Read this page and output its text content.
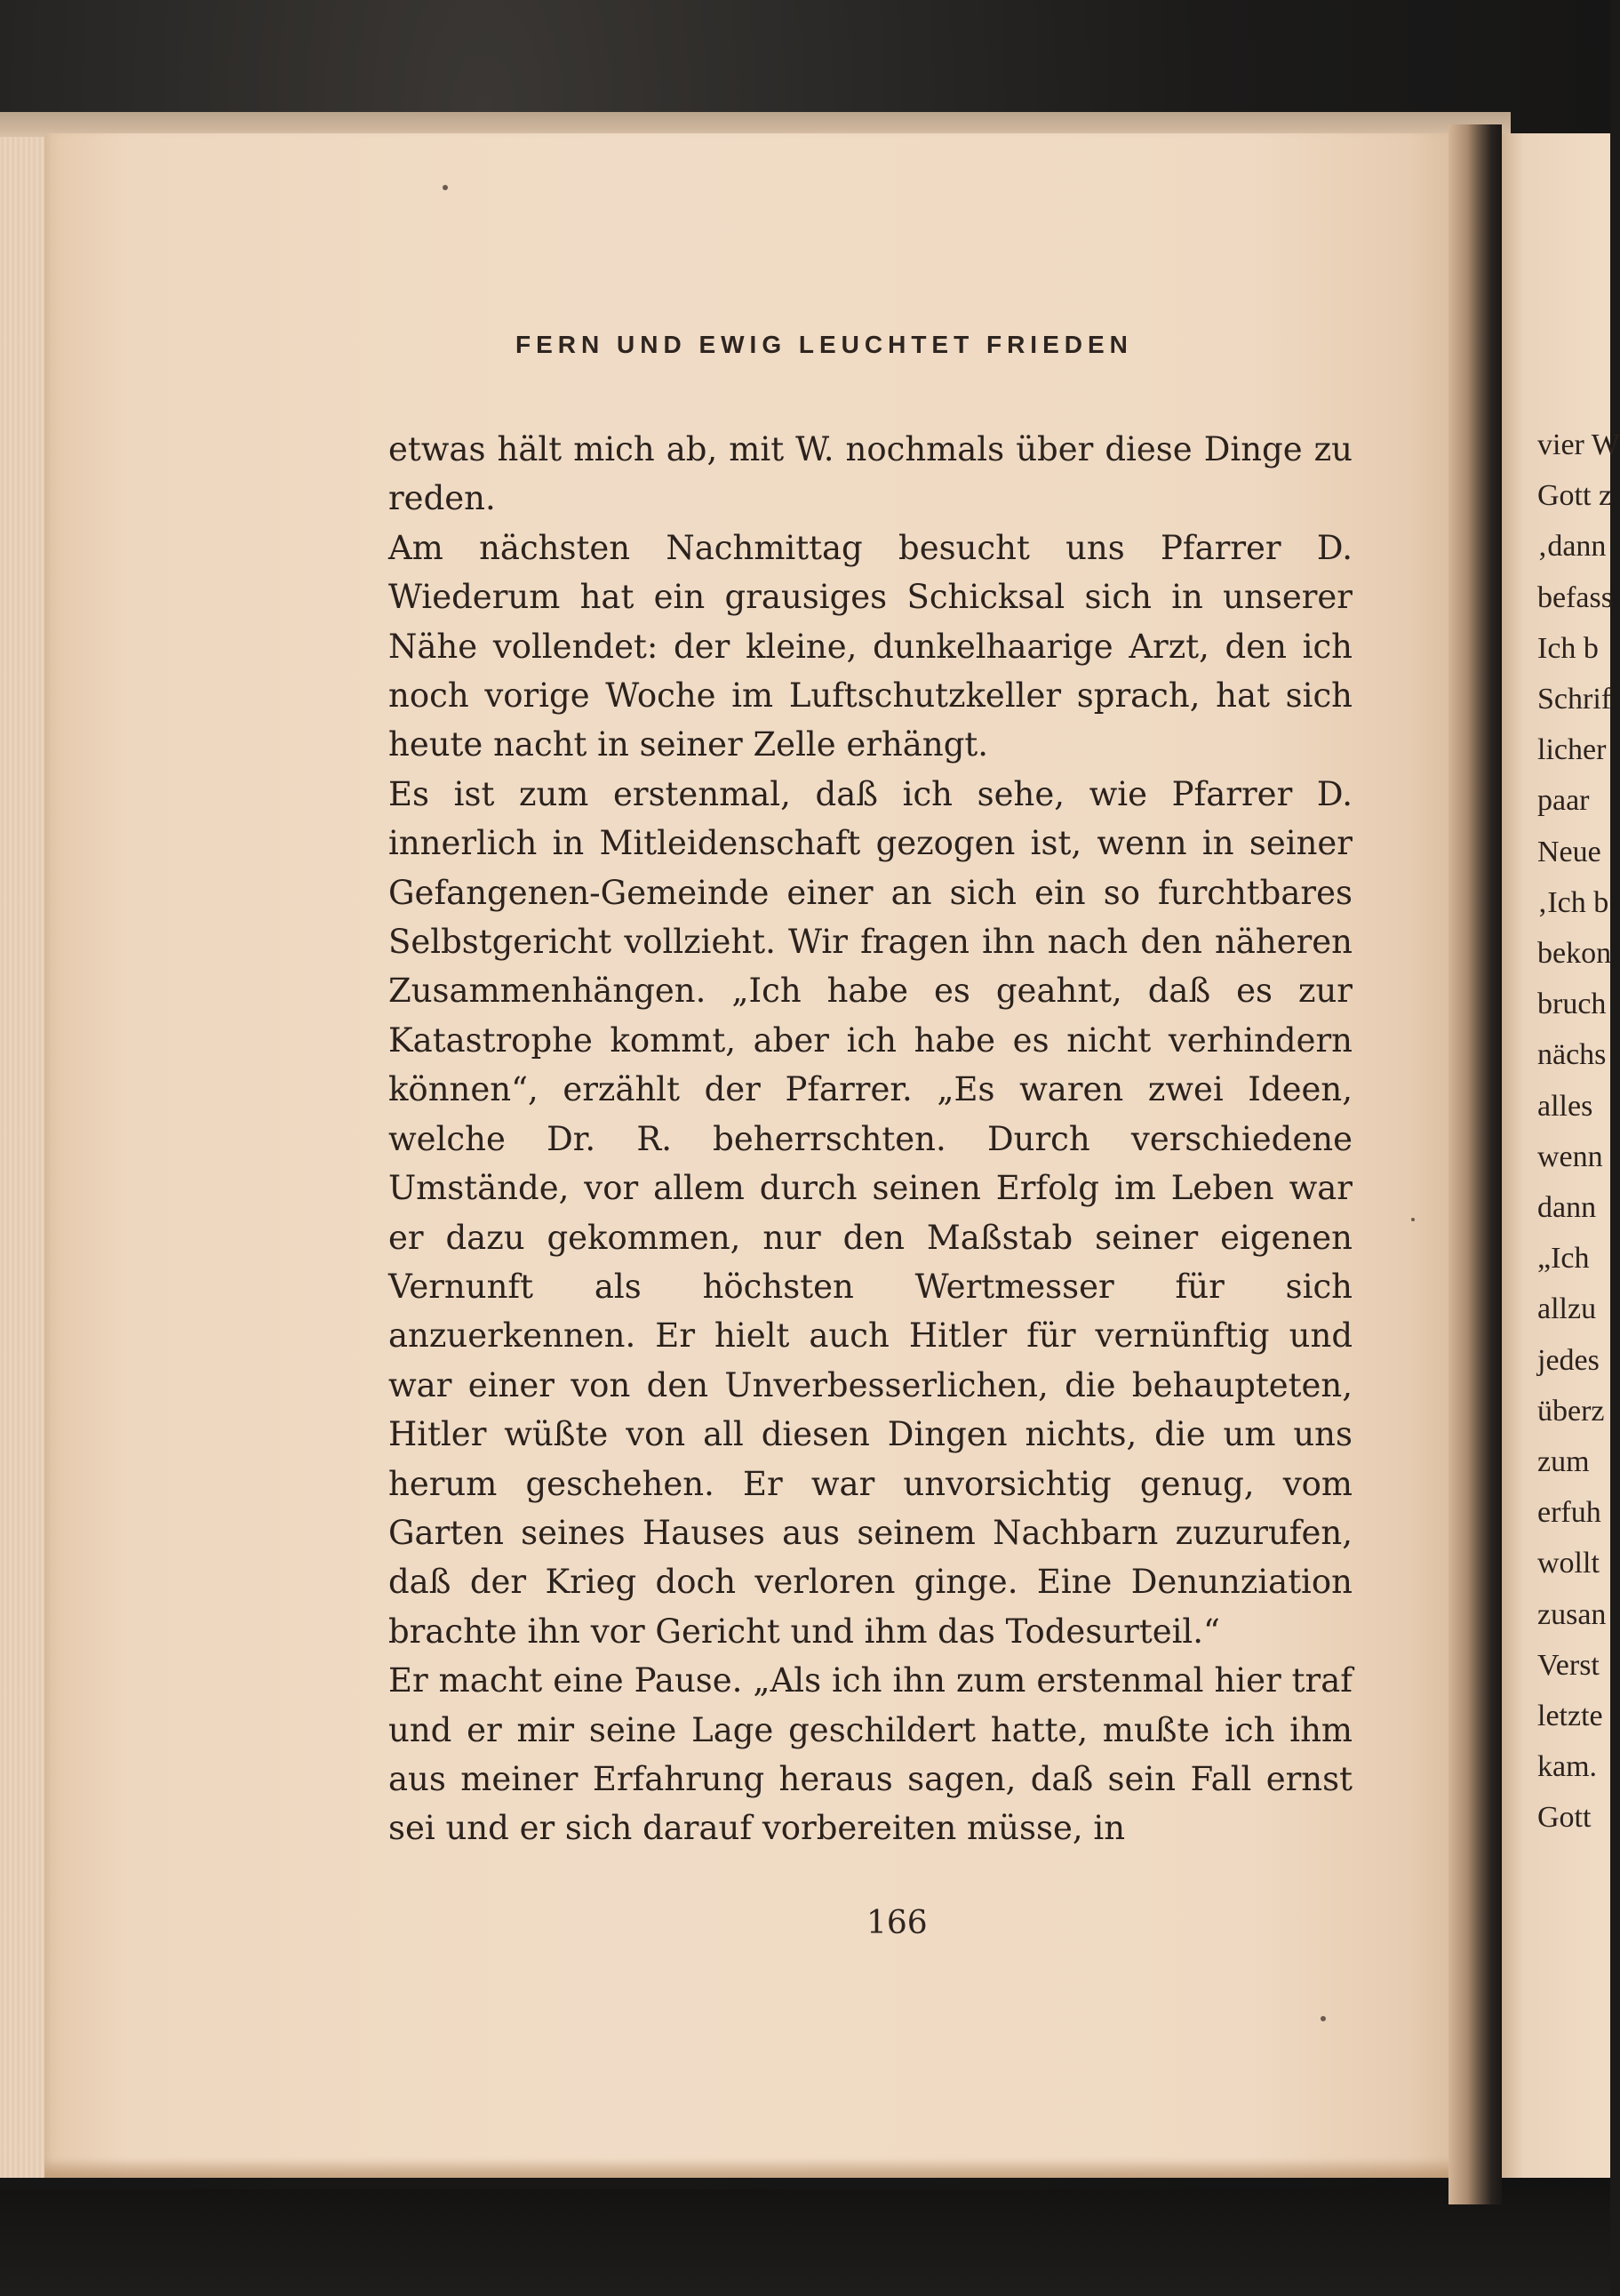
FERN UND EWIG LEUCHTET FRIEDEN

etwas hält mich ab, mit W. nochmals über diese Dinge zu reden.

Am nächsten Nachmittag besucht uns Pfarrer D. Wiederum hat ein grausiges Schicksal sich in unserer Nähe vollendet: der kleine, dunkelhaarige Arzt, den ich noch vorige Woche im Luftschutzkeller sprach, hat sich heute nacht in seiner Zelle erhängt.

Es ist zum erstenmal, daß ich sehe, wie Pfarrer D. innerlich in Mitleidenschaft gezogen ist, wenn in seiner Gefangenen-Gemeinde einer an sich ein so furchtbares Selbstgericht vollzieht. Wir fragen ihn nach den näheren Zusammenhängen. „Ich habe es geahnt, daß es zur Katastrophe kommt, aber ich habe es nicht verhindern können“, erzählt der Pfarrer. „Es waren zwei Ideen, welche Dr. R. beherrschten. Durch verschiedene Umstände, vor allem durch seinen Erfolg im Leben war er dazu gekommen, nur den Maßstab seiner eigenen Vernunft als höchsten Wertmesser für sich anzuerkennen. Er hielt auch Hitler für vernünftig und war einer von den Unverbesserlichen, die behaupteten, Hitler wüßte von all diesen Dingen nichts, die um uns herum geschehen. Er war unvorsichtig genug, vom Garten seines Hauses aus seinem Nachbarn zuzurufen, daß der Krieg doch verloren ginge. Eine Denunziation brachte ihn vor Gericht und ihm das Todesurteil.“

Er macht eine Pause. „Als ich ihn zum erstenmal hier traf und er mir seine Lage geschildert hatte, mußte ich ihm aus meiner Erfahrung heraus sagen, daß sein Fall ernst sei und er sich darauf vorbereiten müsse, in

166
vier W
Gott z
‚dann
befass
Ich b
Schrif
licher
paar
Neue
‚Ich b
bekon
bruch
nächs
alles
wenn
dann
„Ich
allzu
jedes
überz
zum
erfuh
wollt
zusan
Verst
letzte
kam.
Gott
